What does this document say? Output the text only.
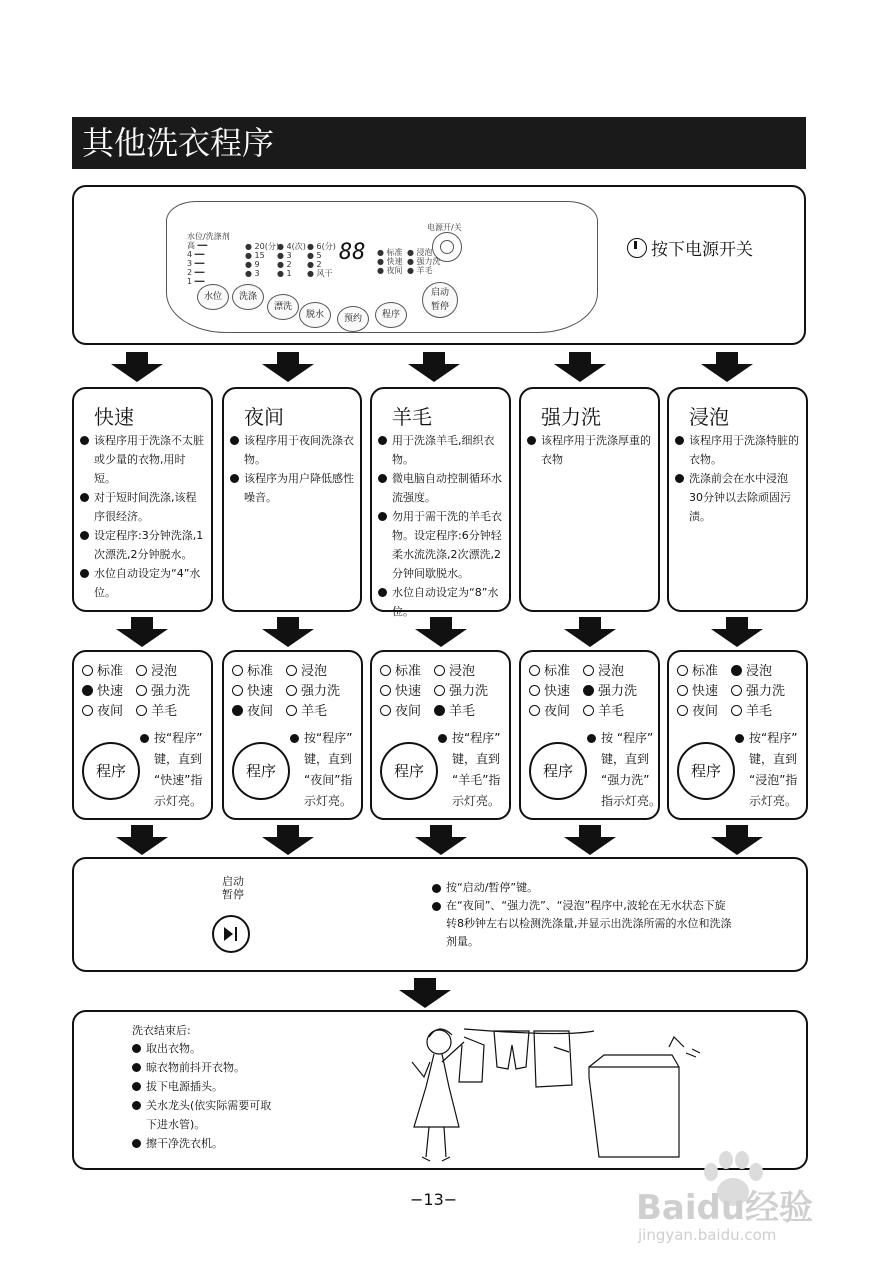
其他洗衣程序
水位/洗涤剂
高 ━━
4 ━━
3 ━━
2 ━━
1 ━━
● 20(分)
● 15
● 9
● 3
● 4(次)
● 3
● 2
● 1
● 6(分)
● 5
● 2
● 风干
88 ● 标准
● 快速
● 夜间
● 浸泡
● 强力洗
● 羊毛
电源开/关
水位	洗涤
漂洗
脱水	预约	程序
启动
暂停
按下电源开关
快速
该程序用于洗涤不太脏或少量的衣物,用时短。
对于短时间洗涤,该程序很经济。
设定程序:3分钟洗涤,1次漂洗,2分钟脱水。
水位自动设定为“4”水位。
夜间
该程序用于夜间洗涤衣物。
该程序为用户降低感性噪音。
羊毛
用于洗涤羊毛,细织衣物。
微电脑自动控制循环水流强度。
勿用于需干洗的羊毛衣物。设定程序:6分钟轻柔水流洗涤,2次漂洗,2分钟间歇脱水。
水位自动设定为“8”水位。
强力洗
该程序用于洗涤厚重的衣物
浸泡
该程序用于洗涤特脏的衣物。
洗涤前会在水中浸泡30分钟以去除顽固污渍。
标准	浸泡
快速	强力洗
夜间	羊毛
程序
按“程序”
键，直到
“快速”指
示灯亮。
标准	浸泡
快速	强力洗
夜间	羊毛
程序
按“程序”
键，直到
“夜间”指
示灯亮。
标准	浸泡
快速	强力洗
夜间	羊毛
程序
按“程序”
键，直到
“羊毛”指
示灯亮。
标准	浸泡
快速	强力洗
夜间	羊毛
程序
按 “程序”
键，直到
“强力洗”
指示灯亮。
标准	浸泡
快速	强力洗
夜间	羊毛
程序
按“程序”
键，直到
“浸泡”指
示灯亮。
启动
暂停
按“启动/暂停”键。
在“夜间”、“强力洗”、“浸泡”程序中,波轮在无水状态下旋转8秒钟左右以检测洗涤量,并显示出洗涤所需的水位和洗涤剂量。
洗衣结束后:
取出衣物。
晾衣物前抖开衣物。
拔下电源插头。
关水龙头(依实际需要可取下进水管)。
擦干净洗衣机。
−13−	Baidu经验
jingyan.baidu.com
